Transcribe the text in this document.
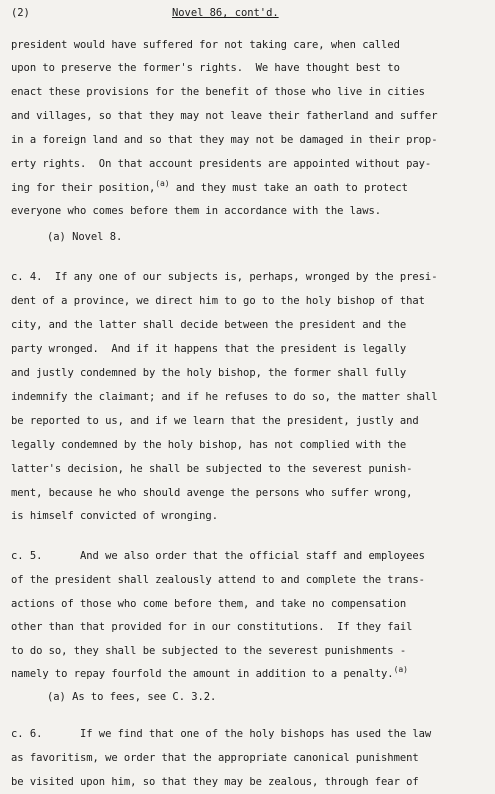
(2)	Novel 86, cont'd.
president would have suffered for not taking care, when called
upon to preserve the former's rights.  We have thought best to
enact these provisions for the benefit of those who live in cities
and villages, so that they may not leave their fatherland and suffer
in a foreign land and so that they may not be damaged in their prop-
erty rights.  On that account presidents are appointed without pay-
ing for their position,$^{(a)}$ and they must take an oath to protect
everyone who comes before them in accordance with the laws.
(a) Novel 8.
c. 4.  If any one of our subjects is, perhaps, wronged by the presi-
dent of a province, we direct him to go to the holy bishop of that
city, and the latter shall decide between the president and the
party wronged.  And if it happens that the president is legally
and justly condemned by the holy bishop, the former shall fully
indemnify the claimant; and if he refuses to do so, the matter shall
be reported to us, and if we learn that the president, justly and
legally condemned by the holy bishop, has not complied with the
latter's decision, he shall be subjected to the severest punish-
ment, because he who should avenge the persons who suffer wrong,
is himself convicted of wronging.
c. 5.      And we also order that the official staff and employees
of the president shall zealously attend to and complete the trans-
actions of those who come before them, and take no compensation
other than that provided for in our constitutions.  If they fail
to do so, they shall be subjected to the severest punishments -
namely to repay fourfold the amount in addition to a penalty.$^{(a)}$
(a) As to fees, see C. 3.2.
c. 6.      If we find that one of the holy bishops has used the law
as favoritism, we order that the appropriate canonical punishment
be visited upon him, so that they may be zealous, through fear of
